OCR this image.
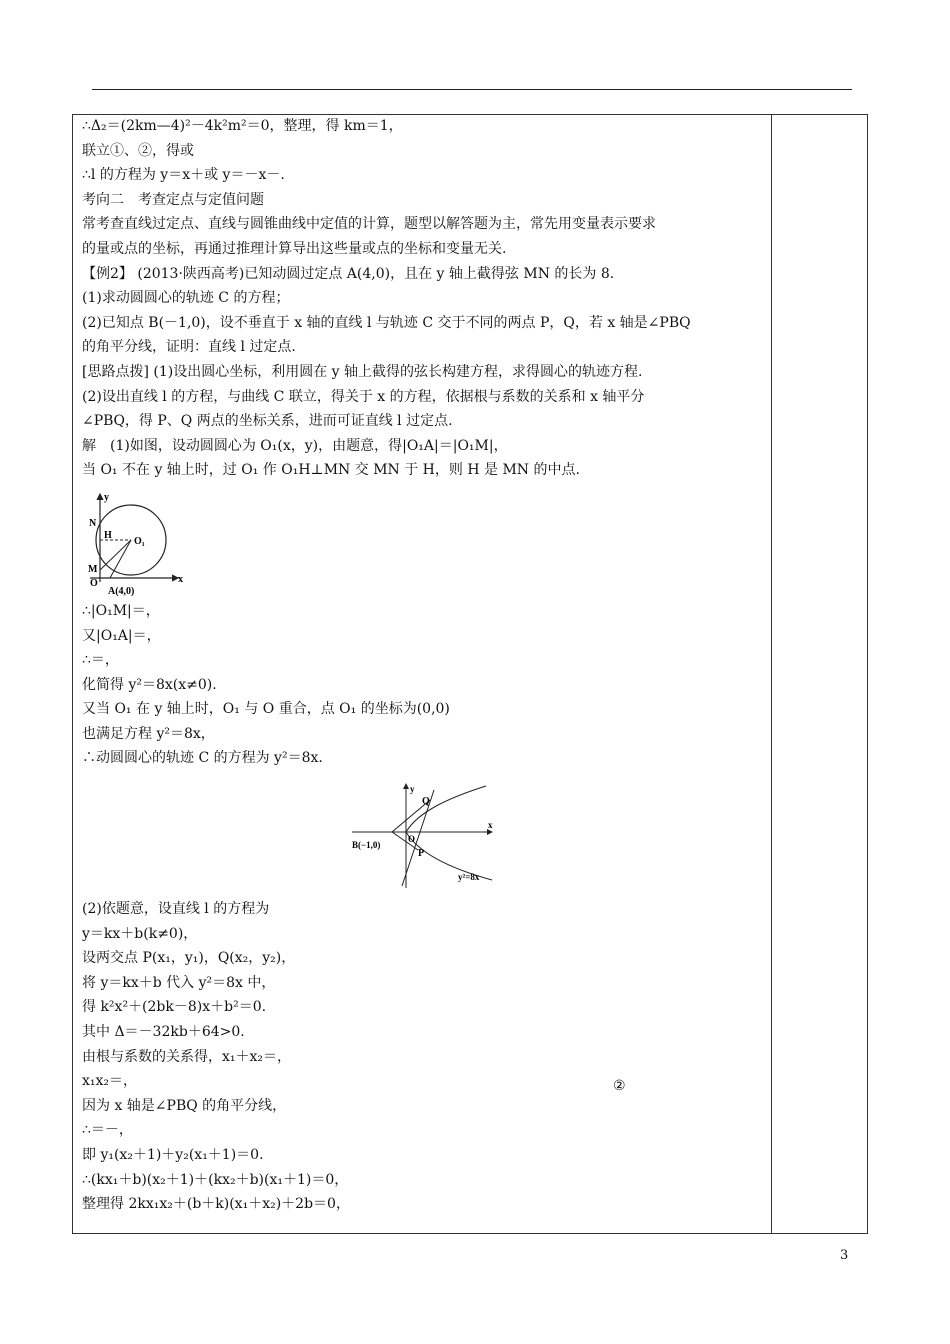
∴Δ₂＝(2km—4)²－4k²m²＝0，整理，得 km＝1，
联立①、②，得或
∴l 的方程为 y＝x＋或 y＝－x－.
考向二　考查定点与定值问题
常考查直线过定点、直线与圆锥曲线中定值的计算，题型以解答题为主，常先用变量表示要求
的量或点的坐标，再通过推理计算导出这些量或点的坐标和变量无关.
【例2】 (2013·陕西高考)已知动圆过定点 A(4,0)，且在 y 轴上截得弦 MN 的长为 8.
(1)求动圆圆心的轨迹 C 的方程；
(2)已知点 B(－1,0)，设不垂直于 x 轴的直线 l 与轨迹 C 交于不同的两点 P，Q，若 x 轴是∠PBQ
的角平分线，证明：直线 l 过定点.
[思路点拨] (1)设出圆心坐标，利用圆在 y 轴上截得的弦长构建方程，求得圆心的轨迹方程.
(2)设出直线 l 的方程，与曲线 C 联立，得关于 x 的方程，依据根与系数的关系和 x 轴平分
∠PBQ，得 P、Q 两点的坐标关系，进而可证直线 l 过定点.
解　(1)如图，设动圆圆心为 O₁(x，y)，由题意，得|O₁A|＝|O₁M|，
当 O₁ 不在 y 轴上时，过 O₁ 作 O₁H⊥MN 交 MN 于 H，则 H 是 MN 的中点.
∴|O₁M|＝，
又|O₁A|＝，
∴＝，
化简得 y²＝8x(x≠0).
又当 O₁ 在 y 轴上时，O₁ 与 O 重合，点 O₁ 的坐标为(0,0)
也满足方程 y²＝8x，
∴动圆圆心的轨迹 C 的方程为 y²＝8x.
(2)依题意，设直线 l 的方程为
y＝kx＋b(k≠0)，
设两交点 P(x₁，y₁)，Q(x₂，y₂)，
将 y＝kx＋b 代入 y²＝8x 中，
得 k²x²＋(2bk－8)x＋b²＝0.
其中 Δ＝－32kb＋64>0.
由根与系数的关系得，x₁＋x₂＝，
x₁x₂＝，
因为 x 轴是∠PBQ 的角平分线，
∴＝－，
即 y₁(x₂＋1)＋y₂(x₁＋1)＝0.
∴(kx₁＋b)(x₂＋1)＋(kx₂＋b)(x₁＋1)＝0，
整理得 2kx₁x₂＋(b＋k)(x₁＋x₂)＋2b＝0，
②
y
x
N
H
O₁
M
O
A(4,0)
y
x
Q
P
O
B(−1,0)
y²=8x
3
